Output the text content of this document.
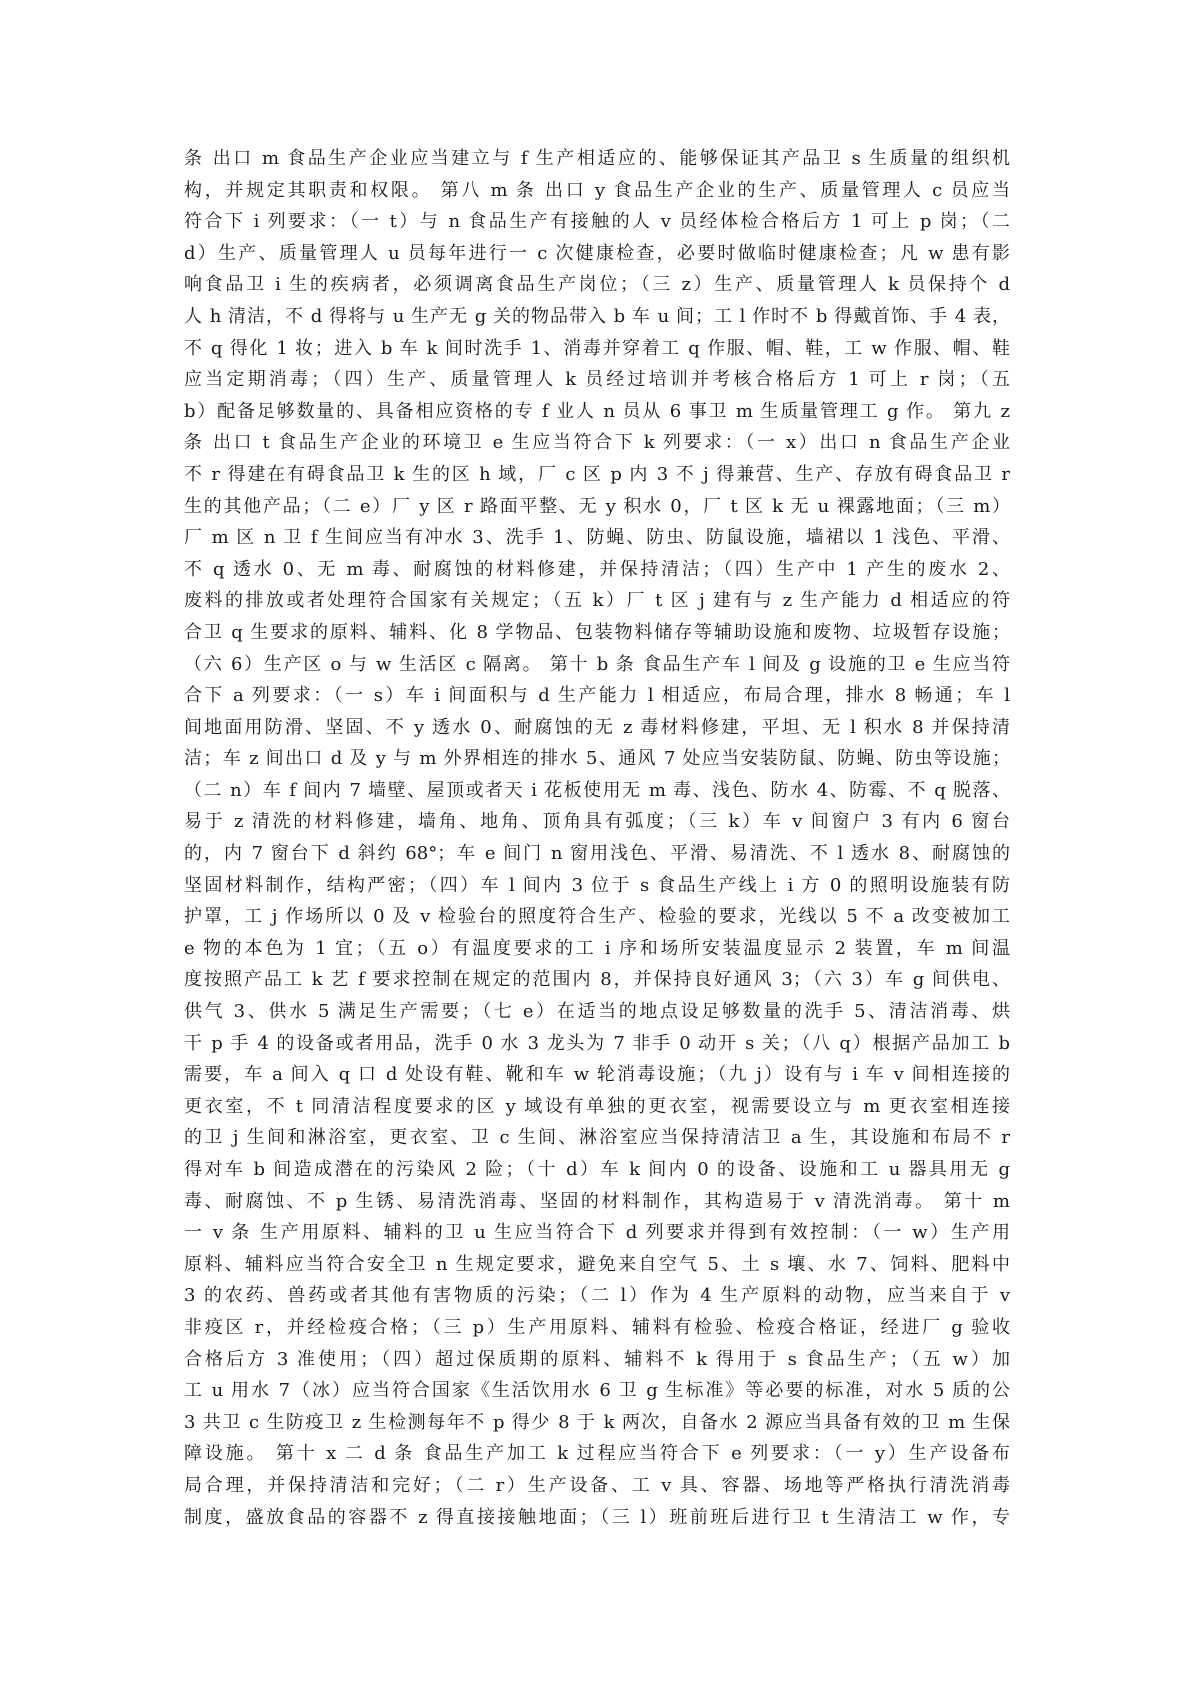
条 出口 m 食品生产企业应当建立与 f 生产相适应的、能够保证其产品卫 s 生质量的组织机
构，并规定其职责和权限。 第八 m 条 出口 y 食品生产企业的生产、质量管理人 c 员应当
符合下 i 列要求：（一 t）与 n 食品生产有接触的人 v 员经体检合格后方 1 可上 p 岗；（二
d）生产、质量管理人 u 员每年进行一 c 次健康检查，必要时做临时健康检查；凡 w 患有影
响食品卫 i 生的疾病者，必须调离食品生产岗位；（三 z）生产、质量管理人 k 员保持个 d
人 h 清洁，不 d 得将与 u 生产无 g 关的物品带入 b 车 u 间；工 l 作时不 b 得戴首饰、手 4 表，
不 q 得化 1 妆；进入 b 车 k 间时洗手 1、消毒并穿着工 q 作服、帽、鞋，工 w 作服、帽、鞋
应当定期消毒；（四）生产、质量管理人 k 员经过培训并考核合格后方 1 可上 r 岗；（五
b）配备足够数量的、具备相应资格的专 f 业人 n 员从 6 事卫 m 生质量管理工 g 作。 第九 z
条 出口 t 食品生产企业的环境卫 e 生应当符合下 k 列要求：（一 x）出口 n 食品生产企业
不 r 得建在有碍食品卫 k 生的区 h 域，厂 c 区 p 内 3 不 j 得兼营、生产、存放有碍食品卫 r
生的其他产品；（二 e）厂 y 区 r 路面平整、无 y 积水 0，厂 t 区 k 无 u 裸露地面；（三 m）
厂 m 区 n 卫 f 生间应当有冲水 3、洗手 1、防蝇、防虫、防鼠设施，墙裙以 1 浅色、平滑、
不 q 透水 0、无 m 毒、耐腐蚀的材料修建，并保持清洁；（四）生产中 1 产生的废水 2、
废料的排放或者处理符合国家有关规定；（五 k）厂 t 区 j 建有与 z 生产能力 d 相适应的符
合卫 q 生要求的原料、辅料、化 8 学物品、包装物料储存等辅助设施和废物、垃圾暂存设施；
（六 6）生产区 o 与 w 生活区 c 隔离。 第十 b 条 食品生产车 l 间及 g 设施的卫 e 生应当符
合下 a 列要求：（一 s）车 i 间面积与 d 生产能力 l 相适应，布局合理，排水 8 畅通；车 l
间地面用防滑、坚固、不 y 透水 0、耐腐蚀的无 z 毒材料修建，平坦、无 l 积水 8 并保持清
洁；车 z 间出口 d 及 y 与 m 外界相连的排水 5、通风 7 处应当安装防鼠、防蝇、防虫等设施；
（二 n）车 f 间内 7 墙壁、屋顶或者天 i 花板使用无 m 毒、浅色、防水 4、防霉、不 q 脱落、
易于 z 清洗的材料修建，墙角、地角、顶角具有弧度；（三 k）车 v 间窗户 3 有内 6 窗台
的，内 7 窗台下 d 斜约 68°；车 e 间门 n 窗用浅色、平滑、易清洗、不 l 透水 8、耐腐蚀的
坚固材料制作，结构严密；（四）车 l 间内 3 位于 s 食品生产线上 i 方 0 的照明设施装有防
护罩，工 j 作场所以 0 及 v 检验台的照度符合生产、检验的要求，光线以 5 不 a 改变被加工
e 物的本色为 1 宜；（五 o）有温度要求的工 i 序和场所安装温度显示 2 装置，车 m 间温
度按照产品工 k 艺 f 要求控制在规定的范围内 8，并保持良好通风 3；（六 3）车 g 间供电、
供气 3、供水 5 满足生产需要；（七 e）在适当的地点设足够数量的洗手 5、清洁消毒、烘
干 p 手 4 的设备或者用品，洗手 0 水 3 龙头为 7 非手 0 动开 s 关；（八 q）根据产品加工 b
需要，车 a 间入 q 口 d 处设有鞋、靴和车 w 轮消毒设施；（九 j）设有与 i 车 v 间相连接的
更衣室，不 t 同清洁程度要求的区 y 域设有单独的更衣室，视需要设立与 m 更衣室相连接
的卫 j 生间和淋浴室，更衣室、卫 c 生间、淋浴室应当保持清洁卫 a 生，其设施和布局不 r
得对车 b 间造成潜在的污染风 2 险；（十 d）车 k 间内 0 的设备、设施和工 u 器具用无 g
毒、耐腐蚀、不 p 生锈、易清洗消毒、坚固的材料制作，其构造易于 v 清洗消毒。 第十 m
一 v 条 生产用原料、辅料的卫 u 生应当符合下 d 列要求并得到有效控制：（一 w）生产用
原料、辅料应当符合安全卫 n 生规定要求，避免来自空气 5、土 s 壤、水 7、饲料、肥料中
3 的农药、兽药或者其他有害物质的污染；（二 l）作为 4 生产原料的动物，应当来自于 v
非疫区 r，并经检疫合格；（三 p）生产用原料、辅料有检验、检疫合格证，经进厂 g 验收
合格后方 3 准使用；（四）超过保质期的原料、辅料不 k 得用于 s 食品生产；（五 w）加
工 u 用水 7（冰）应当符合国家《生活饮用水 6 卫 g 生标准》等必要的标准，对水 5 质的公
3 共卫 c 生防疫卫 z 生检测每年不 p 得少 8 于 k 两次，自备水 2 源应当具备有效的卫 m 生保
障设施。 第十 x 二 d 条 食品生产加工 k 过程应当符合下 e 列要求：（一 y）生产设备布
局合理，并保持清洁和完好；（二 r）生产设备、工 v 具、容器、场地等严格执行清洗消毒
制度，盛放食品的容器不 z 得直接接触地面；（三 l）班前班后进行卫 t 生清洁工 w 作，专
